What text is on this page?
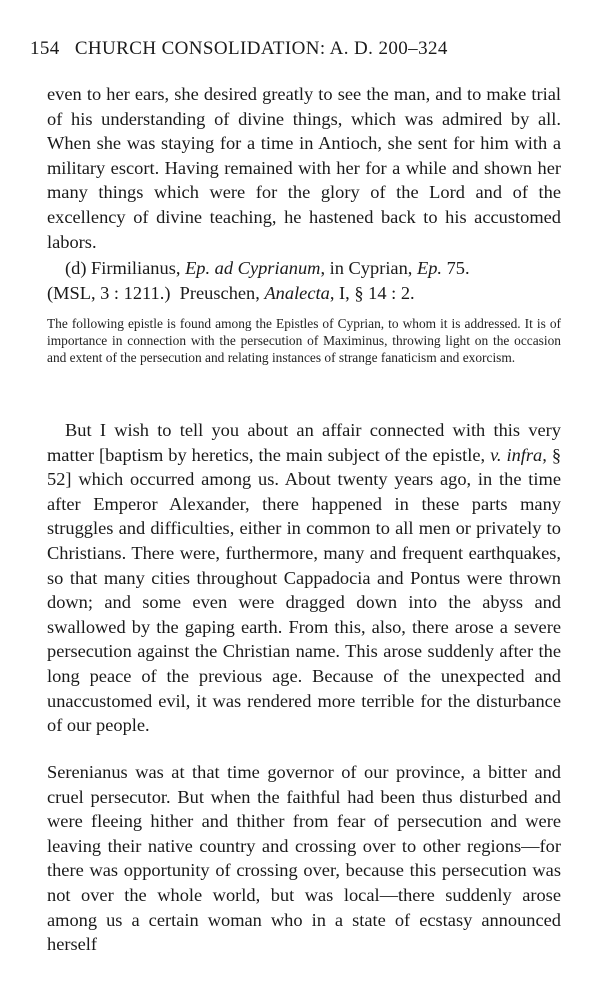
154 CHURCH CONSOLIDATION: A. D. 200–324

even to her ears, she desired greatly to see the man, and to make trial of his understanding of divine things, which was admired by all. When she was staying for a time in Antioch, she sent for him with a military escort. Having remained with her for a while and shown her many things which were for the glory of the Lord and of the excellency of divine teaching, he hastened back to his accustomed labors.

(d) Firmilianus, Ep. ad Cyprianum, in Cyprian, Ep. 75.
(MSL, 3 : 1211.)  Preuschen, Analecta, I, § 14 : 2.

The following epistle is found among the Epistles of Cyprian, to whom it is addressed. It is of importance in connection with the persecution of Maximinus, throwing light on the occasion and extent of the persecution and relating instances of strange fanaticism and exorcism.

But I wish to tell you about an affair connected with this very matter [baptism by heretics, the main subject of the epistle, v. infra, § 52] which occurred among us. About twenty years ago, in the time after Emperor Alexander, there happened in these parts many struggles and difficulties, either in common to all men or privately to Christians. There were, furthermore, many and frequent earthquakes, so that many cities throughout Cappadocia and Pontus were thrown down; and some even were dragged down into the abyss and swallowed by the gaping earth. From this, also, there arose a severe persecution against the Christian name. This arose suddenly after the long peace of the previous age. Because of the unexpected and unaccustomed evil, it was rendered more terrible for the disturbance of our people.

Serenianus was at that time governor of our province, a bitter and cruel persecutor. But when the faithful had been thus disturbed and were fleeing hither and thither from fear of persecution and were leaving their native country and crossing over to other regions—for there was opportunity of crossing over, because this persecution was not over the whole world, but was local—there suddenly arose among us a certain woman who in a state of ecstasy announced herself
